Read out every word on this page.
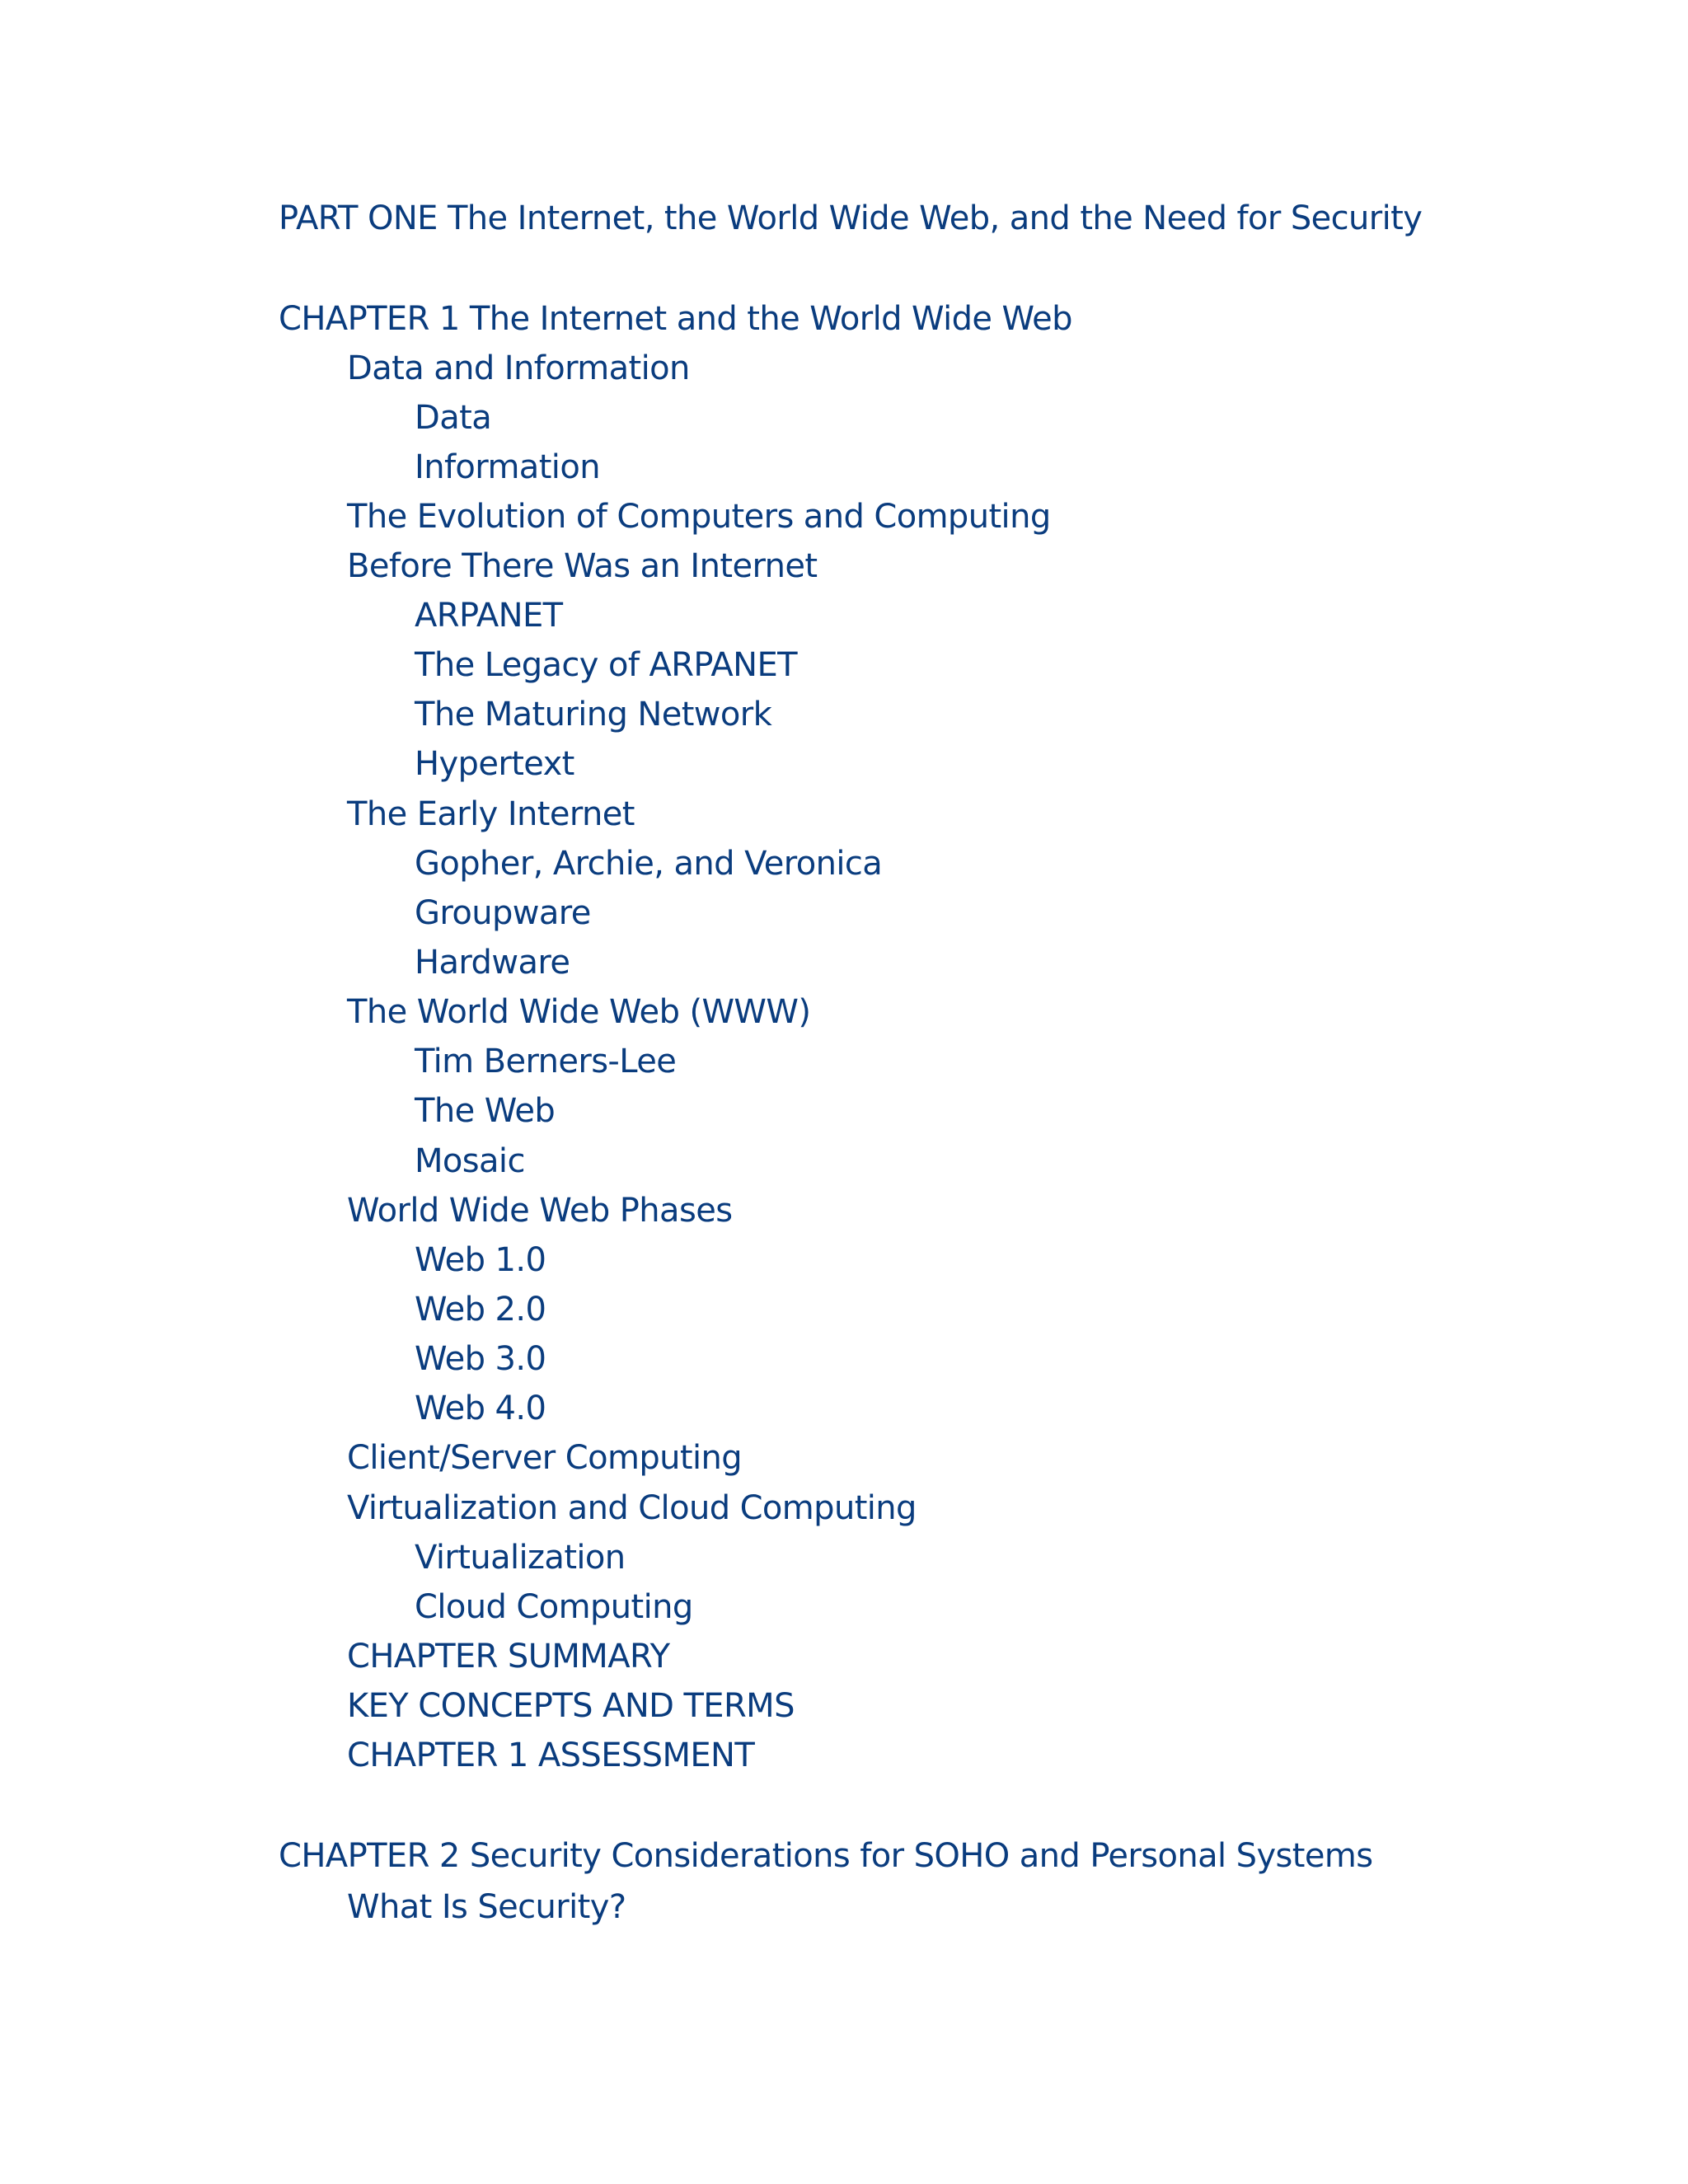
PART ONE The Internet, the World Wide Web, and the Need for Security
CHAPTER 1 The Internet and the World Wide Web
Data and Information
Data
Information
The Evolution of Computers and Computing
Before There Was an Internet
ARPANET
The Legacy of ARPANET
The Maturing Network
Hypertext
The Early Internet
Gopher, Archie, and Veronica
Groupware
Hardware
The World Wide Web (WWW)
Tim Berners-Lee
The Web
Mosaic
World Wide Web Phases
Web 1.0
Web 2.0
Web 3.0
Web 4.0
Client/Server Computing
Virtualization and Cloud Computing
Virtualization
Cloud Computing
CHAPTER SUMMARY
KEY CONCEPTS AND TERMS
CHAPTER 1 ASSESSMENT
CHAPTER 2 Security Considerations for SOHO and Personal Systems
What Is Security?
